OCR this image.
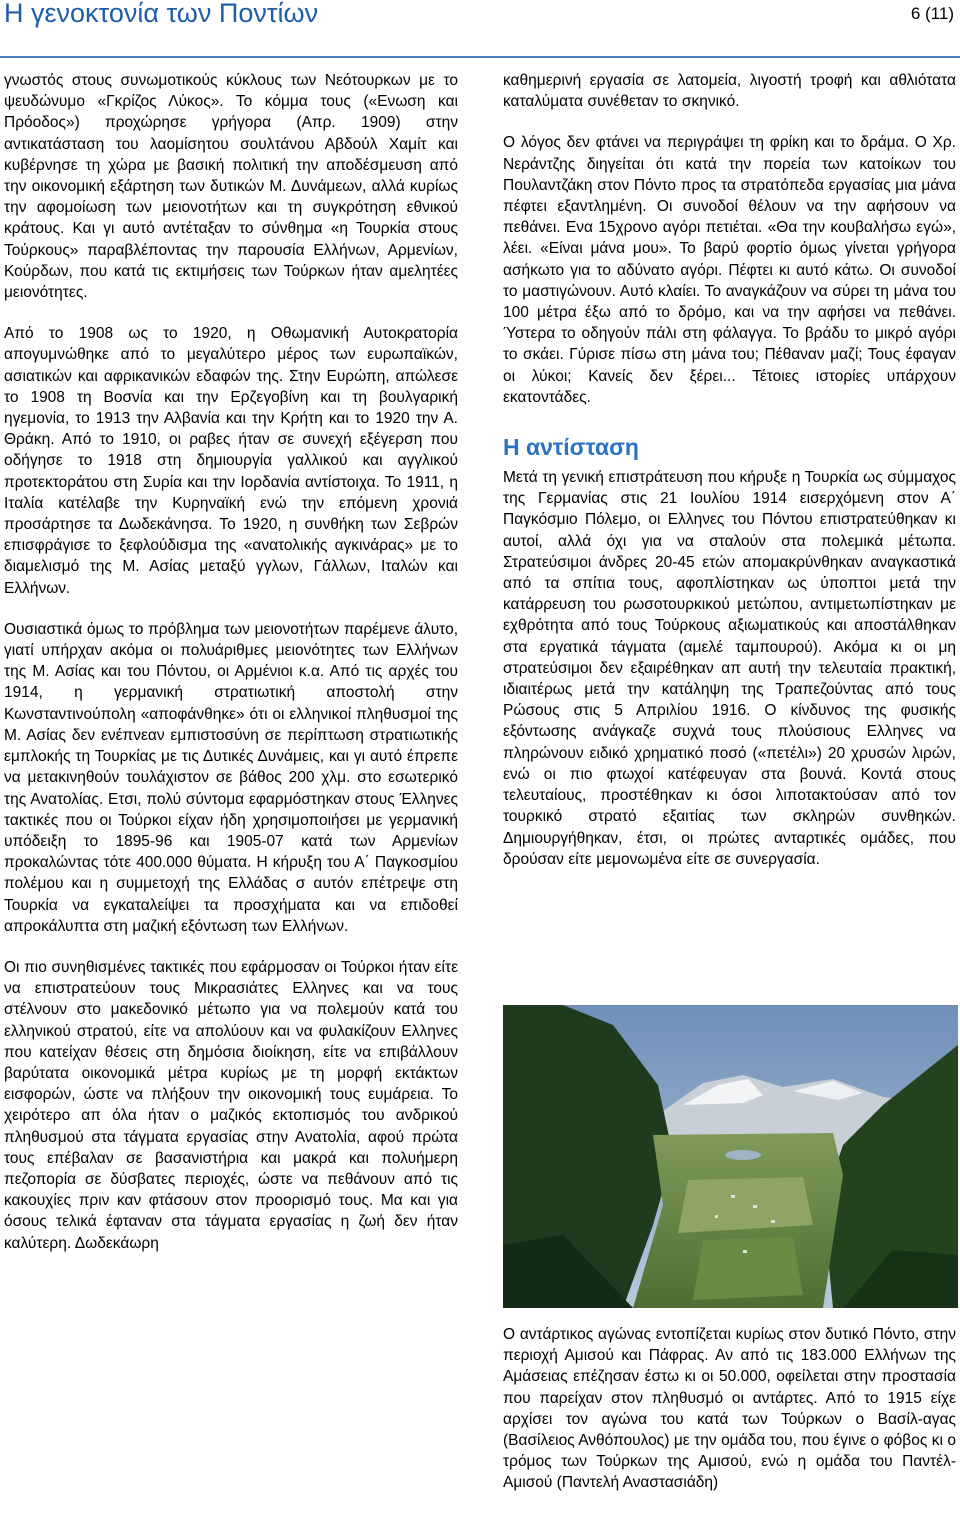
Η γενοκτονία των Ποντίων	6 (11)

γνωστός στους συνωμοτικούς κύκλους των Νεότουρκων με το ψευδώνυμο «Γκρίζος Λύκος». Το κόμμα τους («Ενωση και Πρόοδος») προχώρησε γρήγορα (Απρ. 1909) στην αντικατάσταση του λαομίσητου σουλτάνου Αβδούλ Χαμίτ και κυβέρνησε τη χώρα με βασική πολιτική την αποδέσμευση από την οικονομική εξάρτηση των δυτικών Μ. Δυνάμεων, αλλά κυρίως την αφομοίωση των μειονοτήτων και τη συγκρότηση εθνικού κράτους. Και γι αυτό αντέταξαν το σύνθημα «η Τουρκία στους Τούρκους» παραβλέποντας την παρουσία Ελλήνων, Αρμενίων, Κούρδων, που κατά τις εκτιμήσεις των Τούρκων ήταν αμελητέες μειονότητες.

Από το 1908 ως το 1920, η Οθωμανική Αυτοκρατορία απογυμνώθηκε από το μεγαλύτερο μέρος των ευρωπαϊκών, ασιατικών και αφρικανικών εδαφών της. Στην Ευρώπη, απώλεσε το 1908 τη Βοσνία και την Ερζεγοβίνη και τη βουλγαρική ηγεμονία, το 1913 την Αλβανία και την Κρήτη και το 1920 την Α. Θράκη. Από το 1910, οι ραβες ήταν σε συνεχή εξέγερση που οδήγησε το 1918 στη δημιουργία γαλλικού και αγγλικού προτεκτοράτου στη Συρία και την Ιορδανία αντίστοιχα. Το 1911, η Ιταλία κατέλαβε την Κυρηναϊκή ενώ την επόμενη χρονιά προσάρτησε τα Δωδεκάνησα. Το 1920, η συνθήκη των Σεβρών επισφράγισε το ξεφλούδισμα της «ανατολικής αγκινάρας» με το διαμελισμό της Μ. Ασίας μεταξύ γγλων, Γάλλων, Ιταλών και Ελλήνων.

Ουσιαστικά όμως το πρόβλημα των μειονοτήτων παρέμενε άλυτο, γιατί υπήρχαν ακόμα οι πολυάριθμες μειονότητες των Ελλήνων της Μ. Ασίας και του Πόντου, οι Αρμένιοι κ.α. Από τις αρχές του 1914, η γερμανική στρατιωτική αποστολή στην Κωνσταντινούπολη «αποφάνθηκε» ότι οι ελληνικοί πληθυσμοί της Μ. Ασίας δεν ενέπνεαν εμπιστοσύνη σε περίπτωση στρατιωτικής εμπλοκής τη Τουρκίας με τις Δυτικές Δυνάμεις, και γι αυτό έπρεπε να μετακινηθούν τουλάχιστον σε βάθος 200 χλμ. στο εσωτερικό της Ανατολίας. Ετσι, πολύ σύντομα εφαρμόστηκαν στους Έλληνες τακτικές που οι Τούρκοι είχαν ήδη χρησιμοποιήσει με γερμανική υπόδειξη το 1895-96 και 1905-07 κατά των Αρμενίων προκαλώντας τότε 400.000 θύματα. Η κήρυξη του Α΄ Παγκοσμίου πολέμου και η συμμετοχή της Ελλάδας σ αυτόν επέτρεψε στη Τουρκία να εγκαταλείψει τα προσχήματα και να επιδοθεί απροκάλυπτα στη μαζική εξόντωση των Ελλήνων.

Οι πιο συνηθισμένες τακτικές που εφάρμοσαν οι Τούρκοι ήταν είτε να επιστρατεύουν τους Μικρασιάτες Ελληνες και να τους στέλνουν στο μακεδονικό μέτωπο για να πολεμούν κατά του ελληνικού στρατού, είτε να απολύουν και να φυλακίζουν Ελληνες που κατείχαν θέσεις στη δημόσια διοίκηση, είτε να επιβάλλουν βαρύτατα οικονομικά μέτρα κυρίως με τη μορφή εκτάκτων εισφορών, ώστε να πλήξουν την οικονομική τους ευμάρεια. Το χειρότερο απ όλα ήταν ο μαζικός εκτοπισμός του ανδρικού πληθυσμού στα τάγματα εργασίας στην Ανατολία, αφού πρώτα τους επέβαλαν σε βασανιστήρια και μακρά και πολυήμερη πεζοπορία σε δύσβατες περιοχές, ώστε να πεθάνουν από τις κακουχίες πριν καν φτάσουν στον προορισμό τους. Μα και για όσους τελικά έφταναν στα τάγματα εργασίας η ζωή δεν ήταν καλύτερη. Δωδεκάωρη

καθημερινή εργασία σε λατομεία, λιγοστή τροφή και αθλιότατα καταλύματα συνέθεταν το σκηνικό.

Ο λόγος δεν φτάνει να περιγράψει τη φρίκη και το δράμα. Ο Χρ. Νεράντζης διηγείται ότι κατά την πορεία των κατοίκων του Πουλαντζάκη στον Πόντο προς τα στρατόπεδα εργασίας μια μάνα πέφτει εξαντλημένη. Οι συνοδοί θέλουν να την αφήσουν να πεθάνει. Ενα 15χρονο αγόρι πετιέται. «Θα την κουβαλήσω εγώ», λέει. «Είναι μάνα μου». Το βαρύ φορτίο όμως γίνεται γρήγορα ασήκωτο για το αδύνατο αγόρι. Πέφτει κι αυτό κάτω. Οι συνοδοί το μαστιγώνουν. Αυτό κλαίει. Το αναγκάζουν να σύρει τη μάνα του 100 μέτρα έξω από το δρόμο, και να την αφήσει να πεθάνει. Ύστερα το οδηγούν πάλι στη φάλαγγα. Το βράδυ το μικρό αγόρι το σκάει. Γύρισε πίσω στη μάνα του; Πέθαναν μαζί; Τους έφαγαν οι λύκοι; Κανείς δεν ξέρει... Τέτοιες ιστορίες υπάρχουν εκατοντάδες.

Η αντίσταση

Μετά τη γενική επιστράτευση που κήρυξε η Τουρκία ως σύμμαχος της Γερμανίας στις 21 Ιουλίου 1914 εισερχόμενη στον Α΄ Παγκόσμιο Πόλεμο, οι Ελληνες του Πόντου επιστρατεύθηκαν κι αυτοί, αλλά όχι για να σταλούν στα πολεμικά μέτωπα. Στρατεύσιμοι άνδρες 20-45 ετών απομακρύνθηκαν αναγκαστικά από τα σπίτια τους, αφοπλίστηκαν ως ύποπτοι μετά την κατάρρευση του ρωσοτουρκικού μετώπου, αντιμετωπίστηκαν με εχθρότητα από τους Τούρκους αξιωματικούς και αποστάλθηκαν στα εργατικά τάγματα (αμελέ ταμπουρού). Ακόμα κι οι μη στρατεύσιμοι δεν εξαιρέθηκαν απ αυτή την τελευταία πρακτική, ιδιαιτέρως μετά την κατάληψη της Τραπεζούντας από τους Ρώσους στις 5 Απριλίου 1916. Ο κίνδυνος της φυσικής εξόντωσης ανάγκαζε συχνά τους πλούσιους Ελληνες να πληρώνουν ειδικό χρηματικό ποσό («πετέλι») 20 χρυσών λιρών, ενώ οι πιο φτωχοί κατέφευγαν στα βουνά. Κοντά στους τελευταίους, προστέθηκαν κι όσοι λιποτακτούσαν από τον τουρκικό στρατό εξαιτίας των σκληρών συνθηκών. Δημιουργήθηκαν, έτσι, οι πρώτες ανταρτικές ομάδες, που δρούσαν είτε μεμονωμένα είτε σε συνεργασία.

Ο αντάρτικος αγώνας εντοπίζεται κυρίως στον δυτικό Πόντο, στην περιοχή Αμισού και Πάφρας. Αν από τις 183.000 Ελλήνων της Αμάσειας επέζησαν έστω κι οι 50.000, οφείλεται στην προστασία που παρείχαν στον πληθυσμό οι αντάρτες. Από το 1915 είχε αρχίσει τον αγώνα του κατά των Τούρκων ο Βασίλ-αγας (Βασίλειος Ανθόπουλος) με την ομάδα του, που έγινε ο φόβος κι ο τρόμος των Τούρκων της Αμισού, ενώ η ομάδα του Παντέλ-Αμισού (Παντελή Αναστασιάδη)
